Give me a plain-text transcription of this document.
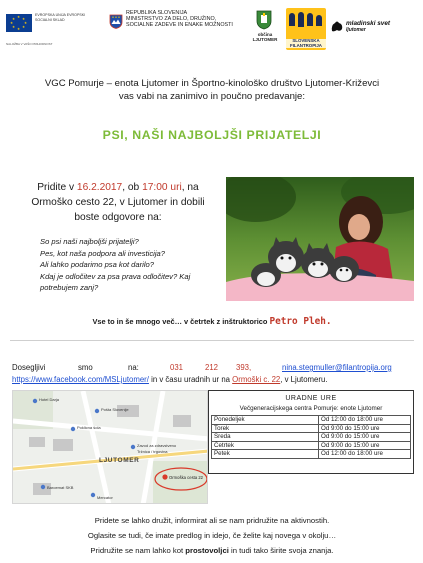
★ ★
★
★
★
★
★
★
EVROPSKA UNIJA EVROPSKI SOCIALNI SKLAD
NALOŽBA V VAŠO PRIHODNOST
REPUBLIKA SLOVENIJA
MINISTRSTVO ZA DELO, DRUŽINO,
SOCIALNE ZADEVE IN ENAKE MOŽNOSTI
občina LJUTOMER	SLOVENSKA
FILANTROPIJA
mladinski svet
ljutomer
VGC Pomurje – enota Ljutomer in Športno-kinološko društvo Ljutomer-Križevci
vas vabi na zanimivo in poučno predavanje:
PSI, NAŠI NAJBOLJŠI PRIJATELJI
Pridite v 16.2.2017, ob 17:00 uri, na
Ormoško cesto 22, v Ljutomer in dobili
boste odgovore na:
So psi naši najboljši prijatelji?
Pes, kot naša podpora ali investicija?
Ali lahko podarimo psa kot darilo?
Kdaj je odločitev za psa prava odločitev? Kaj
potrebujem zanj?
Vse to in še mnogo več… v četrtek z inštruktorico Petro Pleh.
Dosegljivi	smo	na:	031	212 393,	nina.stegmuller@filantropija.org
https://www.facebook.com/MSLjutomer/ in v času uradnih ur na Ormoški c. 22, v Ljutomeru.
Hotel Darja
Pošta Slovenije
Poklicna šola
Zavod za zdravstveno
Tržnica / trgovina
Baroemat SKB
Mercator
LJUTOMER
Ormoška cesta 22
URADNE URE
Večgeneracijskega centra Pomurje: enote Ljutomer
Ponedeljek	Od 12:00 do 18:00 ure
Torek	Od 9:00 do 15:00 ure
Sreda	Od 9:00 do 15:00 ure
Četrtek	Od 9:00 do 15:00 ure
Petek	Od 12:00 do 18:00 ure
Pridete se lahko družit, informirat ali se nam pridružite na aktivnostih.
Oglasite se tudi, če imate predlog in idejo, če želite kaj novega v okolju…
Pridružite se nam lahko kot prostovoljci in tudi tako širite svoja znanja.
